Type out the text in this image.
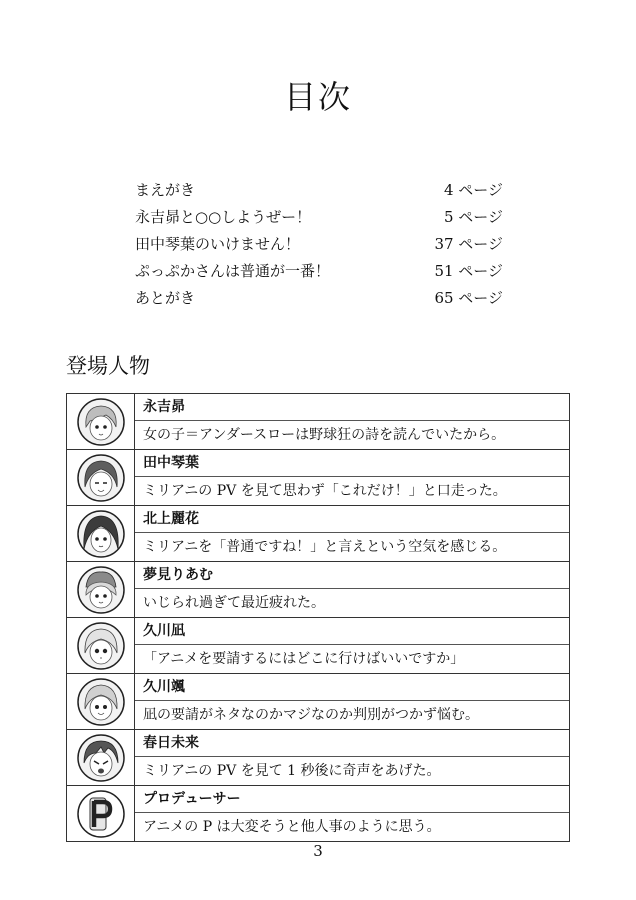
目次
まえがき	4 ページ
永吉昴と○○しようぜー！	5 ページ
田中琴葉のいけません！	37 ページ
ぷっぷかさんは普通が一番！	51 ページ
あとがき	65 ページ
登場人物
永吉昴
女の子＝アンダースローは野球狂の詩を読んでいたから。
田中琴葉
ミリアニの PV を見て思わず「これだけ！」と口走った。
北上麗花
ミリアニを「普通ですね！」と言えという空気を感じる。
夢見りあむ
いじられ過ぎて最近疲れた。
久川凪
「アニメを要請するにはどこに行けばいいですか」
久川颯
凪の要請がネタなのかマジなのか判別がつかず悩む。
春日未来
ミリアニの PV を見て 1 秒後に奇声をあげた。
プロデューサー
アニメの P は大変そうと他人事のように思う。
3
